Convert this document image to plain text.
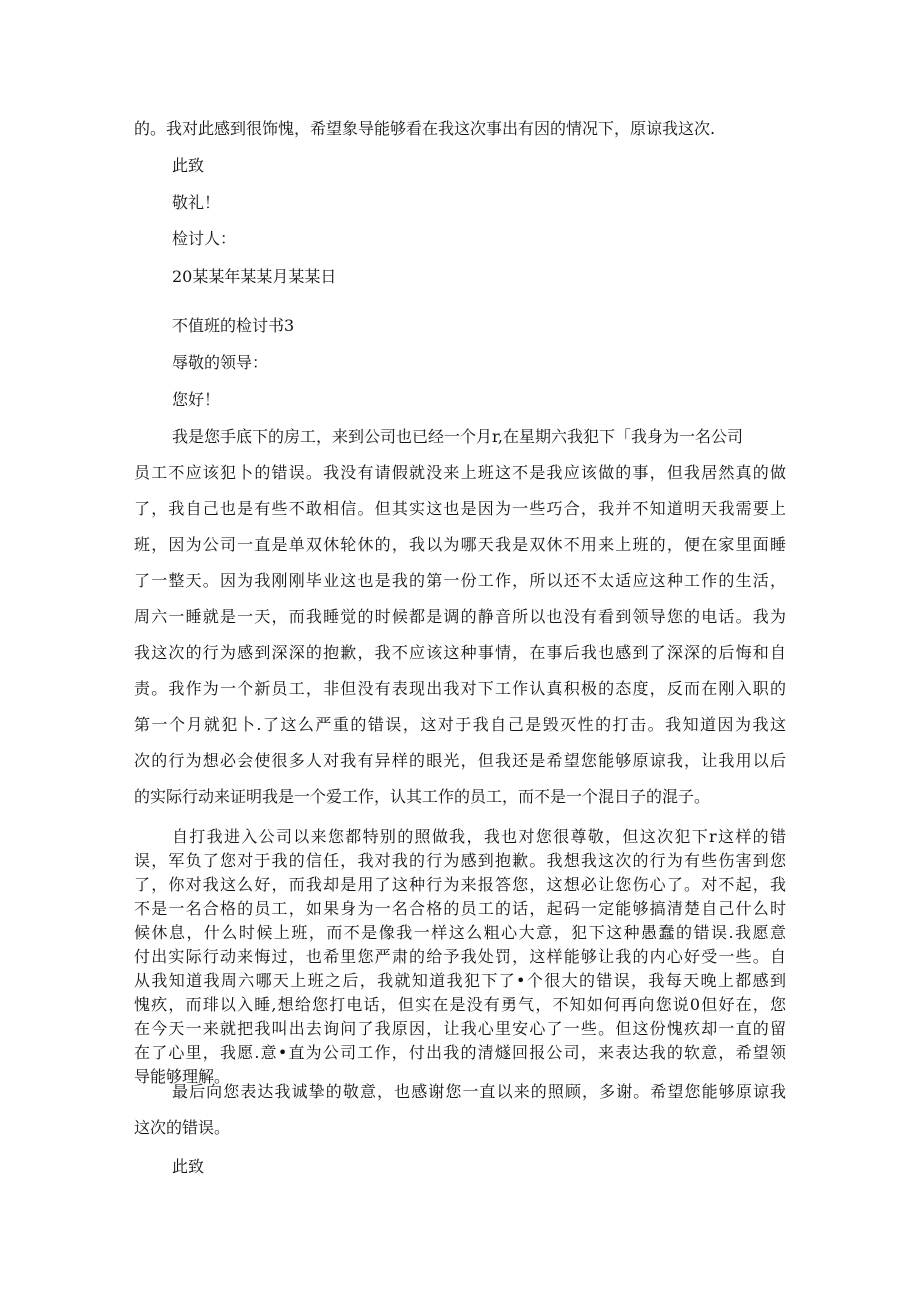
的。我对此感到很饰愧，希望象导能够看在我这次事出有因的情况下，原谅我这次.
此致
敬礼！
检讨人：
20某某年某某月某某日
不值班的检讨书3
辱敬的领导：
您好！
我是您手底下的房工，来到公司也已经一个月r,在星期六我犯下「我身为一名公司
员工不应该犯卜的错误。我没有请假就没来上班这不是我应该做的事，但我居然真的做
了，我自己也是有些不敢相信。但其实这也是因为一些巧合，我并不知道明天我需要上
班，因为公司一直是单双休轮休的，我以为哪天我是双休不用来上班的，便在家里面睡
了一整天。因为我刚刚毕业这也是我的第一份工作，所以还不太适应这种工作的生活，
周六一睡就是一天，而我睡觉的时候都是调的静音所以也没有看到领导您的电话。我为
我这次的行为感到深深的抱歉，我不应该这种事情，在事后我也感到了深深的后悔和自
责。我作为一个新员工，非但没有表现出我对下工作认真积极的态度，反而在刚入职的
第一个月就犯卜.了这么严重的错误，这对于我自己是毁灭性的打击。我知道因为我这
次的行为想必会使很多人对我有异样的眼光，但我还是希望您能够原谅我，让我用以后
的实际行动来证明我是一个爱工作，认其工作的员工，而不是一个混日子的混子。
自打我进入公司以来您都特别的照做我，我也对您很尊敬，但这次犯下r这样的错
误，军负了您对于我的信任，我对我的行为感到抱歉。我想我这次的行为有些伤害到您
了，你对我这么好，而我却是用了这种行为来报答您，这想必让您伤心了。对不起，我
不是一名合格的员工，如果身为一名合格的员工的话，起码一定能够搞清楚自己什么时
候休息，什么时候上班，而不是像我一样这么粗心大意，犯下这种愚蠢的错误.我愿意
付出实际行动来悔过，也希里您严肃的给予我处罚，这样能够让我的内心好受一些。自
从我知道我周六哪天上班之后，我就知道我犯下了•个很大的错误，我每天晚上都感到
愧疚，而琲以入睡,想给您打电话，但实在是没有勇气，不知如何再向您说0但好在，您
在今天一来就把我叫出去询问了我原因，让我心里安心了一些。但这份愧疚却一直的留
在了心里，我愿.意•直为公司工作，付出我的清燧回报公司，来表达我的软意，希望领
导能够理解。
最后向您表达我诚挚的敬意，也感谢您一直以来的照顾，多谢。希望您能够原谅我
这次的错误。
此致
